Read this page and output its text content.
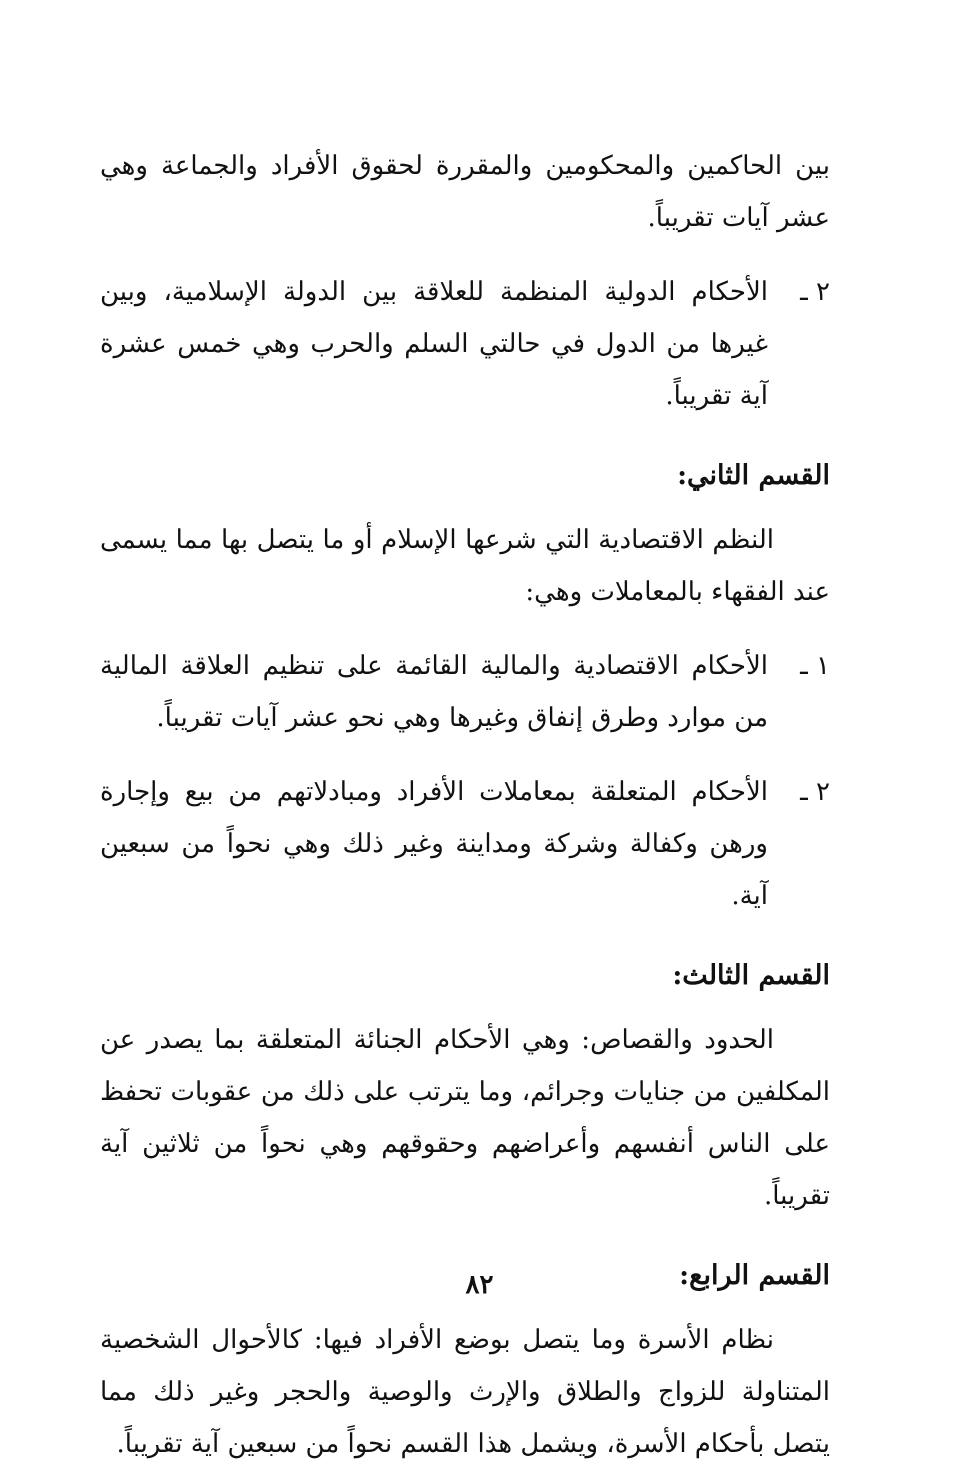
بين الحاكمين والمحكومين والمقررة لحقوق الأفراد والجماعة وهي عشر آيات تقريباً.

٢ ـ
الأحكام الدولية المنظمة للعلاقة بين الدولة الإسلامية، وبين غيرها من الدول في حالتي السلم والحرب وهي خمس عشرة آية تقريباً.
القسم الثاني:

النظم الاقتصادية التي شرعها الإسلام أو ما يتصل بها مما يسمى عند الفقهاء بالمعاملات وهي:

١ ـ
الأحكام الاقتصادية والمالية القائمة على تنظيم العلاقة المالية من موارد وطرق إنفاق وغيرها وهي نحو عشر آيات تقريباً.
٢ ـ
الأحكام المتعلقة بمعاملات الأفراد ومبادلاتهم من بيع وإجارة ورهن وكفالة وشركة ومداينة وغير ذلك وهي نحواً من سبعين آية.
القسم الثالث:

الحدود والقصاص: وهي الأحكام الجنائة المتعلقة بما يصدر عن المكلفين من جنايات وجرائم، وما يترتب على ذلك من عقوبات تحفظ على الناس أنفسهم وأعراضهم وحقوقهم وهي نحواً من ثلاثين آية تقريباً.

القسم الرابع:

نظام الأسرة وما يتصل بوضع الأفراد فيها: كالأحوال الشخصية المتناولة للزواج والطلاق والإرث والوصية والحجر وغير ذلك مما يتصل بأحكام الأسرة، ويشمل هذا القسم نحواً من سبعين آية تقريباً.

٨٢
